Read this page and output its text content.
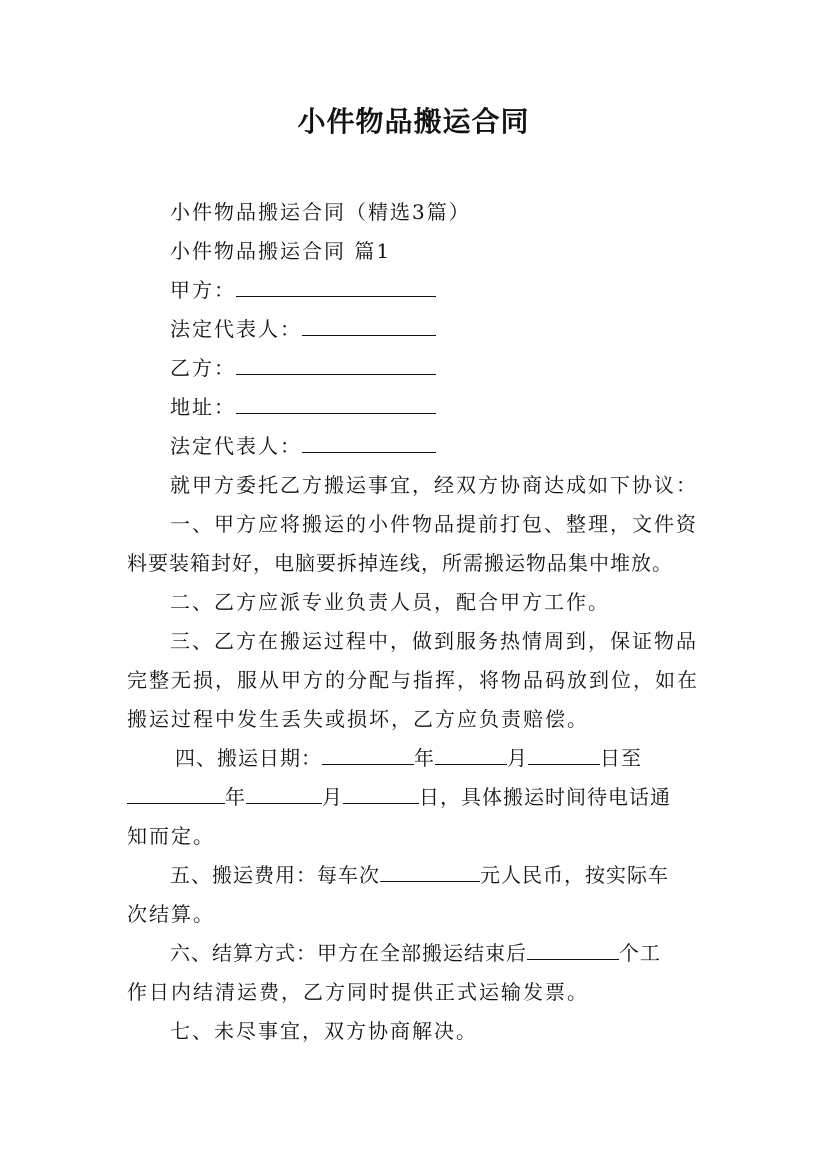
小件物品搬运合同

小件物品搬运合同（精选3篇）

小件物品搬运合同 篇1

甲方：

法定代表人：

乙方：

地址：

法定代表人：

就甲方委托乙方搬运事宜，经双方协商达成如下协议：

一、甲方应将搬运的小件物品提前打包、整理，文件资

料要装箱封好，电脑要拆掉连线，所需搬运物品集中堆放。

二、乙方应派专业负责人员，配合甲方工作。

三、乙方在搬运过程中，做到服务热情周到，保证物品

完整无损，服从甲方的分配与指挥，将物品码放到位，如在

搬运过程中发生丢失或损坏，乙方应负责赔偿。

四、搬运日期：	年	月	日至

年	月	日，具体搬运时间待电话通

知而定。

五、搬运费用：每车次	元人民币，按实际车

次结算。

六、结算方式：甲方在全部搬运结束后	个工

作日内结清运费，乙方同时提供正式运输发票。

七、未尽事宜，双方协商解决。
